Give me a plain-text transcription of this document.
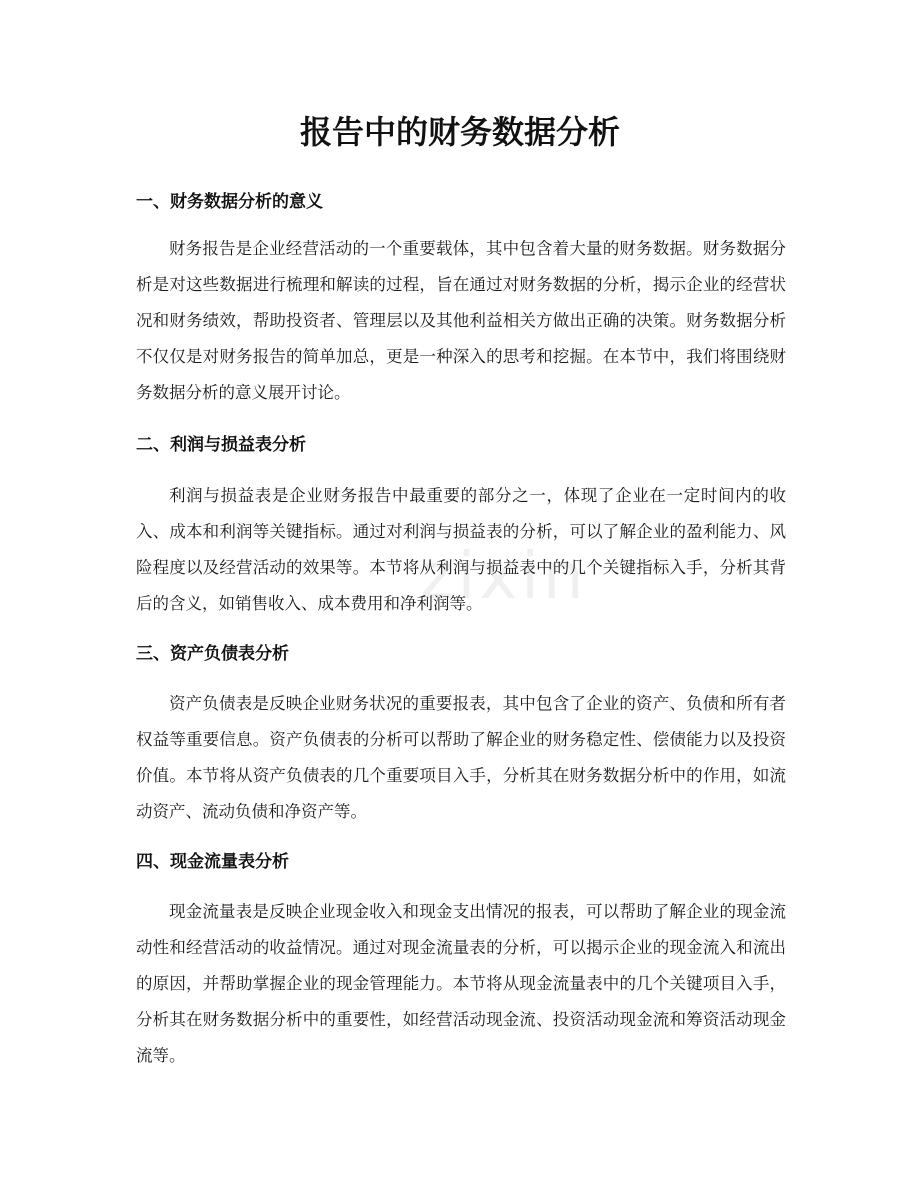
zixin
报告中的财务数据分析
一、财务数据分析的意义

财务报告是企业经营活动的一个重要载体，其中包含着大量的财务数据。财务数据分析是对这些数据进行梳理和解读的过程，旨在通过对财务数据的分析，揭示企业的经营状况和财务绩效，帮助投资者、管理层以及其他利益相关方做出正确的决策。财务数据分析不仅仅是对财务报告的简单加总，更是一种深入的思考和挖掘。在本节中，我们将围绕财务数据分析的意义展开讨论。

二、利润与损益表分析

利润与损益表是企业财务报告中最重要的部分之一，体现了企业在一定时间内的收入、成本和利润等关键指标。通过对利润与损益表的分析，可以了解企业的盈利能力、风险程度以及经营活动的效果等。本节将从利润与损益表中的几个关键指标入手，分析其背后的含义，如销售收入、成本费用和净利润等。

三、资产负债表分析

资产负债表是反映企业财务状况的重要报表，其中包含了企业的资产、负债和所有者权益等重要信息。资产负债表的分析可以帮助了解企业的财务稳定性、偿债能力以及投资价值。本节将从资产负债表的几个重要项目入手，分析其在财务数据分析中的作用，如流动资产、流动负债和净资产等。

四、现金流量表分析

现金流量表是反映企业现金收入和现金支出情况的报表，可以帮助了解企业的现金流动性和经营活动的收益情况。通过对现金流量表的分析，可以揭示企业的现金流入和流出的原因，并帮助掌握企业的现金管理能力。本节将从现金流量表中的几个关键项目入手，分析其在财务数据分析中的重要性，如经营活动现金流、投资活动现金流和筹资活动现金流等。
